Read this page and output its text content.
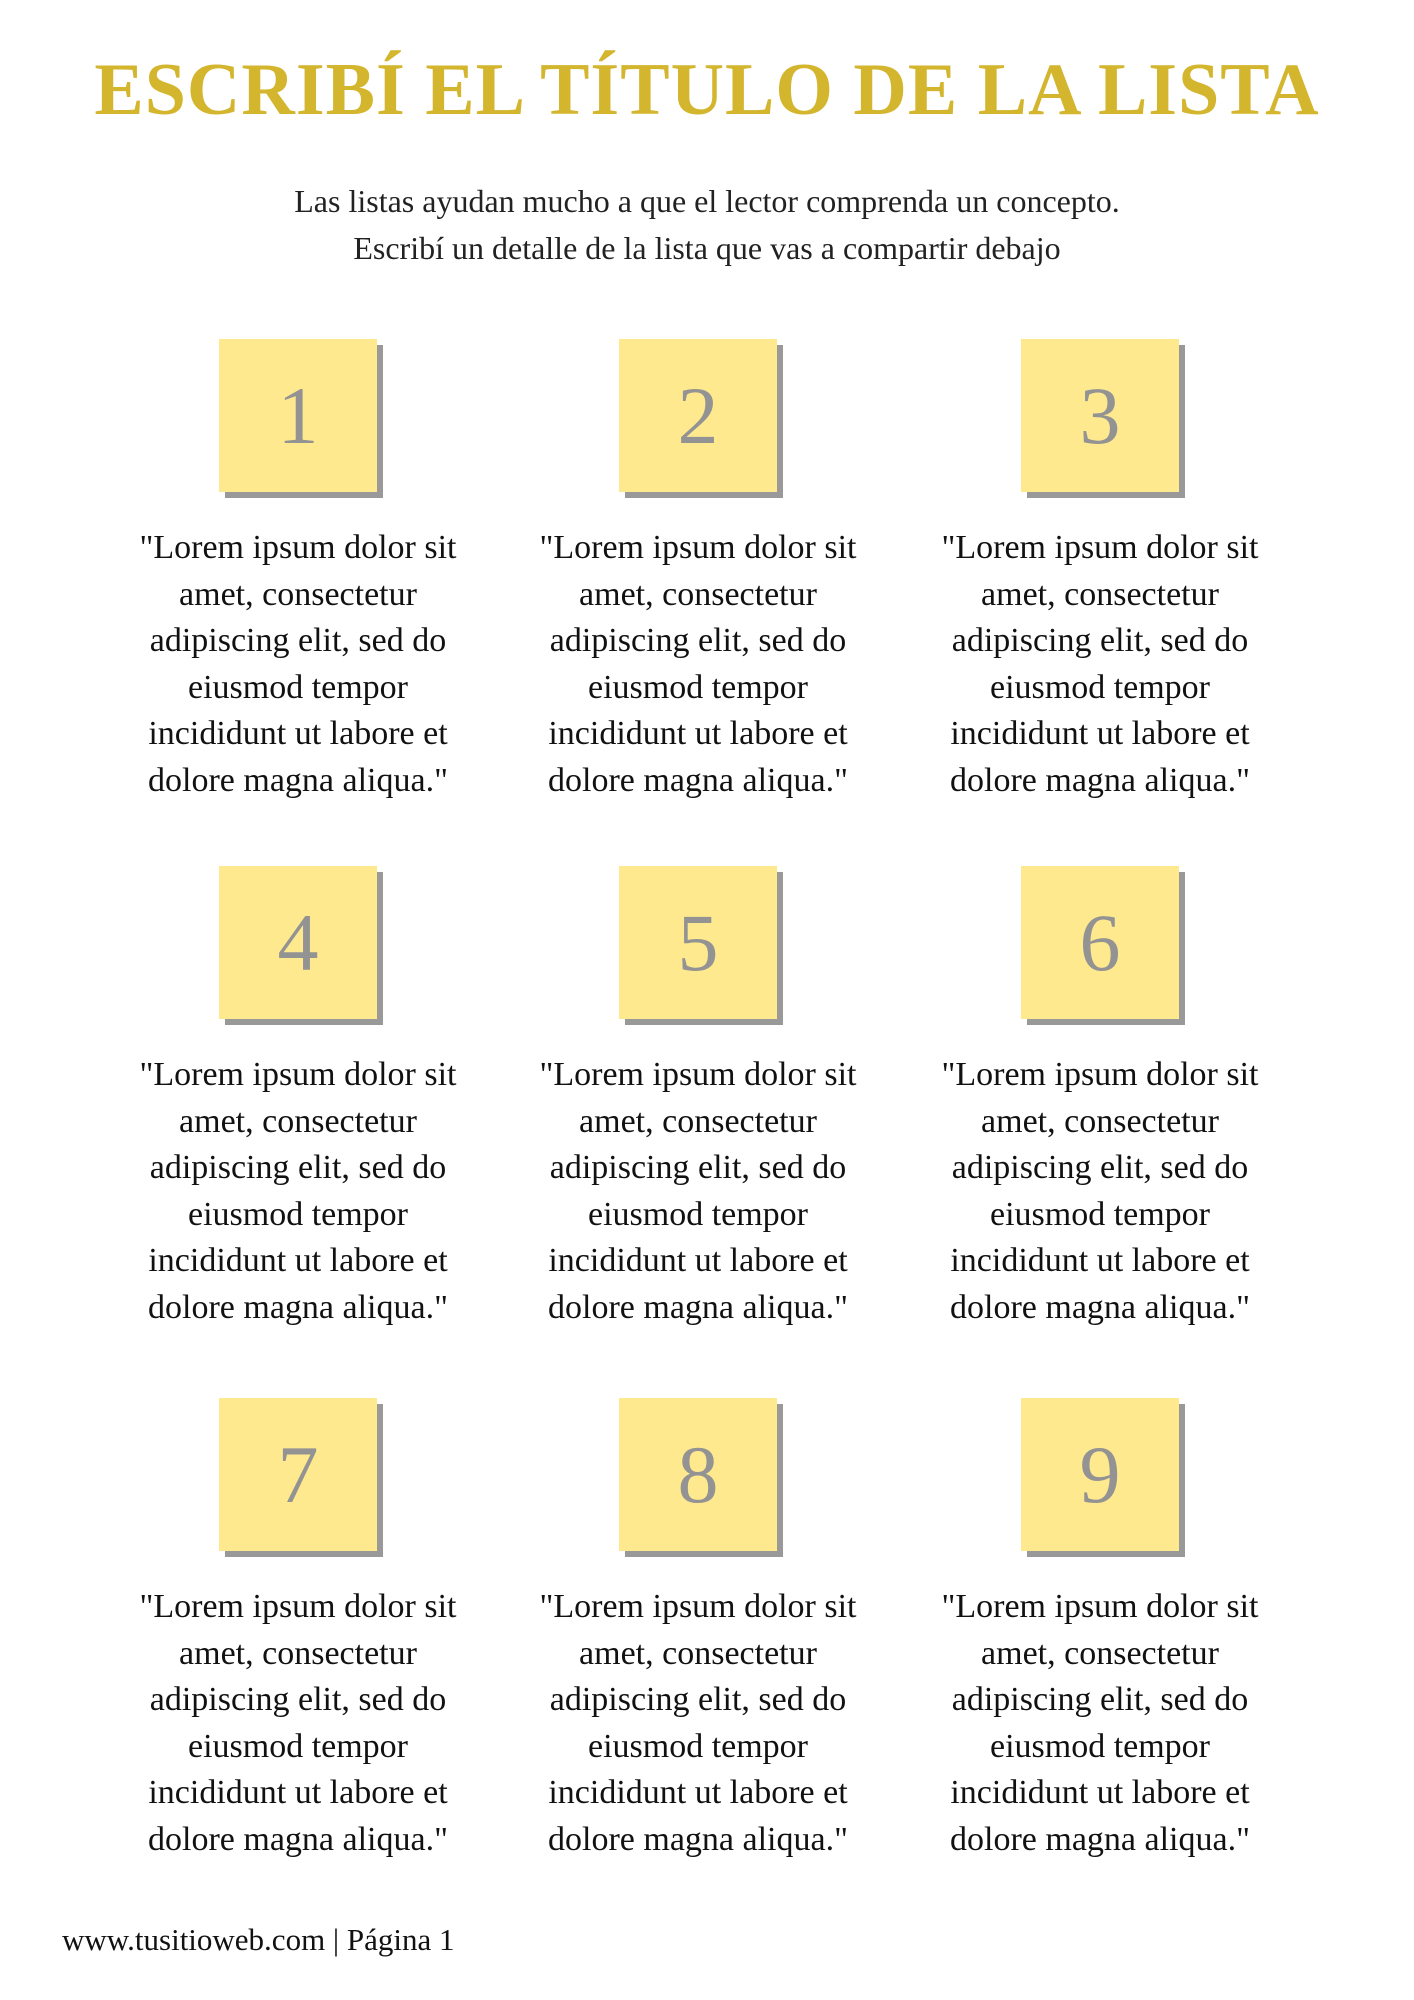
ESCRIBÍ EL TÍTULO DE LA LISTA
Las listas ayudan mucho a que el lector comprenda un concepto.
Escribí un detalle de la lista que vas a compartir debajo
1
"Lorem ipsum dolor sit
amet, consectetur
adipiscing elit, sed do
eiusmod tempor
incididunt ut labore et
dolore magna aliqua."
2
"Lorem ipsum dolor sit
amet, consectetur
adipiscing elit, sed do
eiusmod tempor
incididunt ut labore et
dolore magna aliqua."
3
"Lorem ipsum dolor sit
amet, consectetur
adipiscing elit, sed do
eiusmod tempor
incididunt ut labore et
dolore magna aliqua."
4
"Lorem ipsum dolor sit
amet, consectetur
adipiscing elit, sed do
eiusmod tempor
incididunt ut labore et
dolore magna aliqua."
5
"Lorem ipsum dolor sit
amet, consectetur
adipiscing elit, sed do
eiusmod tempor
incididunt ut labore et
dolore magna aliqua."
6
"Lorem ipsum dolor sit
amet, consectetur
adipiscing elit, sed do
eiusmod tempor
incididunt ut labore et
dolore magna aliqua."
7
"Lorem ipsum dolor sit
amet, consectetur
adipiscing elit, sed do
eiusmod tempor
incididunt ut labore et
dolore magna aliqua."
8
"Lorem ipsum dolor sit
amet, consectetur
adipiscing elit, sed do
eiusmod tempor
incididunt ut labore et
dolore magna aliqua."
9
"Lorem ipsum dolor sit
amet, consectetur
adipiscing elit, sed do
eiusmod tempor
incididunt ut labore et
dolore magna aliqua."
www.tusitioweb.com | Página 1
